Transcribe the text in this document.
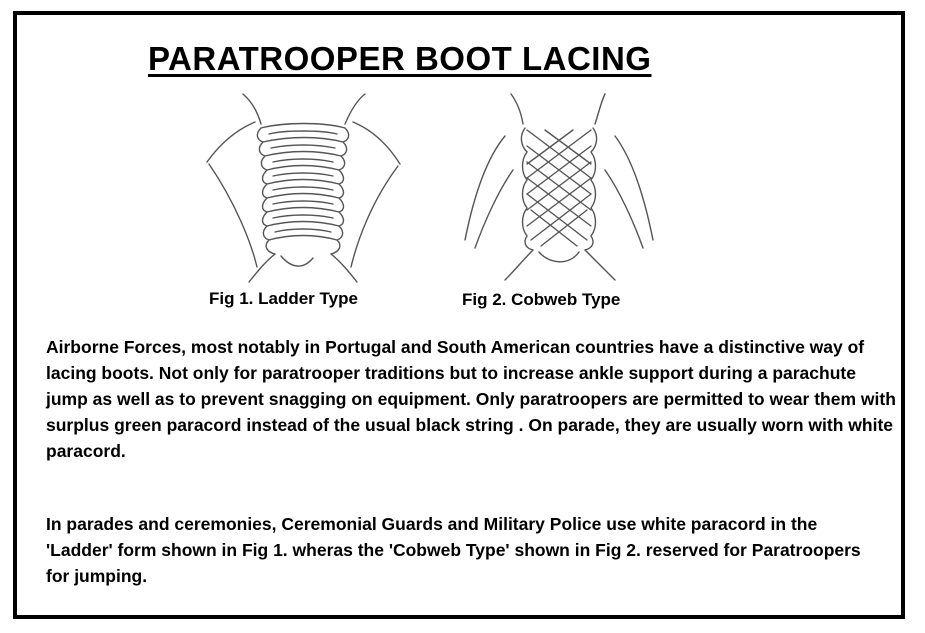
PARATROOPER BOOT LACING
Fig 1. Ladder Type	Fig 2. Cobweb Type

Airborne Forces, most notably in Portugal and South American countries have a distinctive way of lacing boots. Not only for paratrooper traditions but to increase ankle support during a parachute jump as well as to prevent snagging on equipment. Only paratroopers are permitted to wear them with surplus green paracord instead of the usual black string . On parade, they are usually worn with white paracord.

In parades and ceremonies, Ceremonial Guards and Military Police use white paracord in the 'Ladder' form shown in Fig 1. wheras the 'Cobweb Type' shown in Fig 2. reserved for Paratroopers for jumping.
